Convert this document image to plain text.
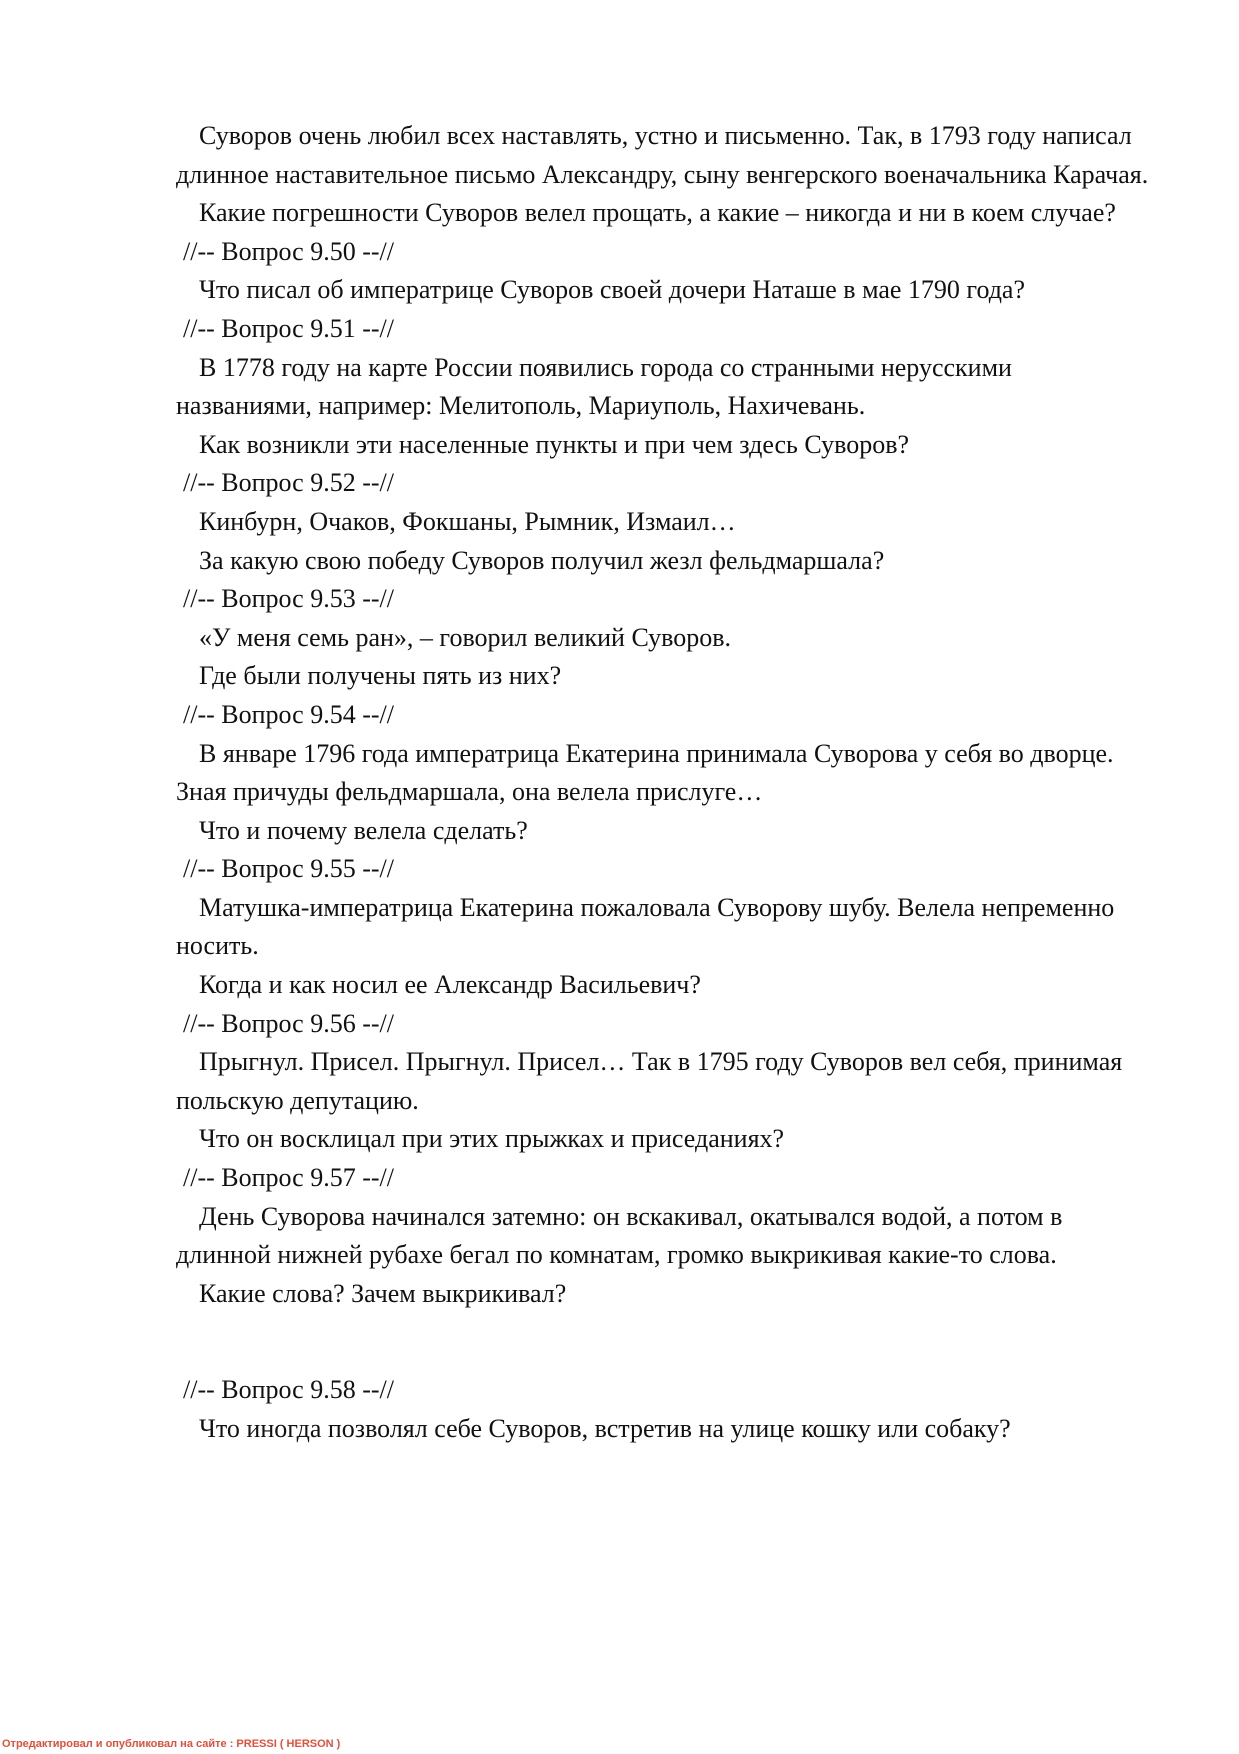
Суворов очень любил всех наставлять, устно и письменно. Так, в 1793 году написал длинное наставительное письмо Александру, сыну венгерского военачальника Карачая.

Какие погрешности Суворов велел прощать, а какие – никогда и ни в коем случае?

//-- Вопрос 9.50 --//

Что писал об императрице Суворов своей дочери Наташе в мае 1790 года?

//-- Вопрос 9.51 --//

В 1778 году на карте России появились города со странными нерусскими названиями, например: Мелитополь, Мариуполь, Нахичевань.

Как возникли эти населенные пункты и при чем здесь Суворов?

//-- Вопрос 9.52 --//

Кинбурн, Очаков, Фокшаны, Рымник, Измаил…

За какую свою победу Суворов получил жезл фельдмаршала?

//-- Вопрос 9.53 --//

«У меня семь ран», – говорил великий Суворов.

Где были получены пять из них?

//-- Вопрос 9.54 --//

В январе 1796 года императрица Екатерина принимала Суворова у себя во дворце. Зная причуды фельдмаршала, она велела прислуге…

Что и почему велела сделать?

//-- Вопрос 9.55 --//

Матушка-императрица Екатерина пожаловала Суворову шубу. Велела непременно носить.

Когда и как носил ее Александр Васильевич?

//-- Вопрос 9.56 --//

Прыгнул. Присел. Прыгнул. Присел… Так в 1795 году Суворов вел себя, принимая польскую депутацию.

Что он восклицал при этих прыжках и приседаниях?

//-- Вопрос 9.57 --//

День Суворова начинался затемно: он вскакивал, окатывался водой, а потом в длинной нижней рубахе бегал по комнатам, громко выкрикивая какие-то слова.

Какие слова? Зачем выкрикивал?

//-- Вопрос 9.58 --//

Что иногда позволял себе Суворов, встретив на улице кошку или собаку?

Отредактировал и опубликовал на сайте : PRESSI ( HERSON )
